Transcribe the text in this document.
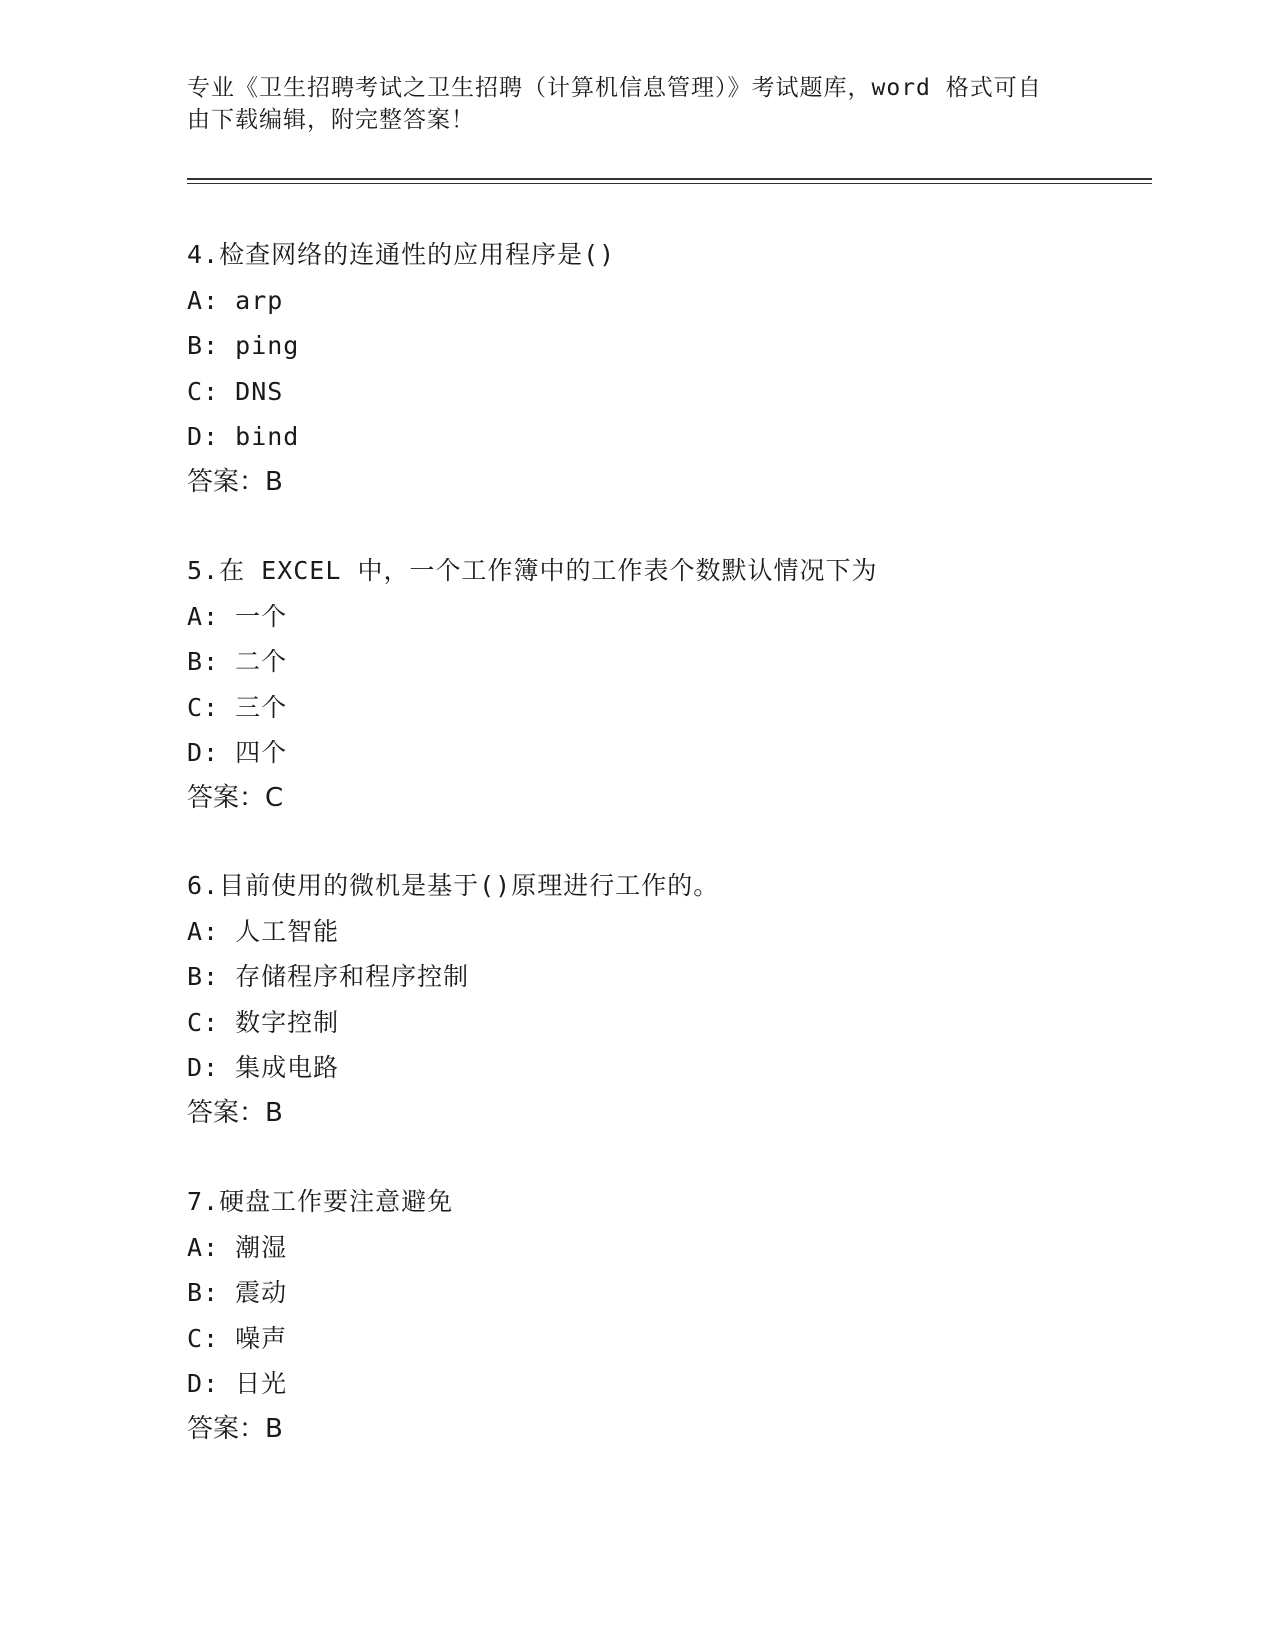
专业《卫生招聘考试之卫生招聘（计算机信息管理）》考试题库，word 格式可自
由下载编辑，附完整答案！
4.检查网络的连通性的应用程序是()
A: arp
B: ping
C: DNS
D: bind
答案：B
5.在 EXCEL 中，一个工作簿中的工作表个数默认情况下为
A: 一个
B: 二个
C: 三个
D: 四个
答案：C
6.目前使用的微机是基于()原理进行工作的。
A: 人工智能
B: 存储程序和程序控制
C: 数字控制
D: 集成电路
答案：B
7.硬盘工作要注意避免
A: 潮湿
B: 震动
C: 噪声
D: 日光
答案：B
